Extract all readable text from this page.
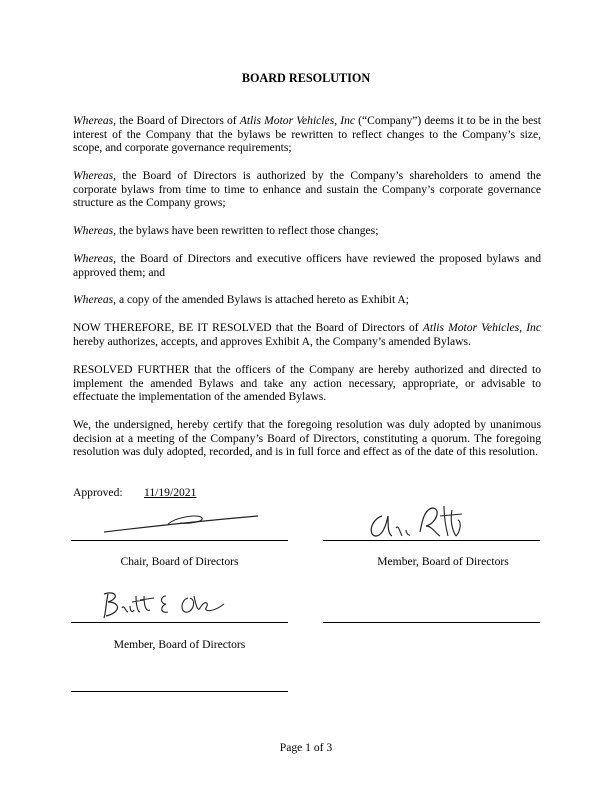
BOARD RESOLUTION

Whereas, the Board of Directors of Atlis Motor Vehicles, Inc (“Company”) deems it to be in the best interest of the Company that the bylaws be rewritten to reflect changes to the Company’s size, scope, and corporate governance requirements;

Whereas, the Board of Directors is authorized by the Company’s shareholders to amend the corporate bylaws from time to time to enhance and sustain the Company’s corporate governance structure as the Company grows;

Whereas, the bylaws have been rewritten to reflect those changes;

Whereas, the Board of Directors and executive officers have reviewed the proposed bylaws and approved them; and

Whereas, a copy of the amended Bylaws is attached hereto as Exhibit A;

NOW THEREFORE, BE IT RESOLVED that the Board of Directors of Atlis Motor Vehicles, Inc hereby authorizes, accepts, and approves Exhibit A, the Company’s amended Bylaws.

RESOLVED FURTHER that the officers of the Company are hereby authorized and directed to implement the amended Bylaws and take any action necessary, appropriate, or advisable to effectuate the implementation of the amended Bylaws.

We, the undersigned, hereby certify that the foregoing resolution was duly adopted by unanimous decision at a meeting of the Company’s Board of Directors, constituting a quorum. The foregoing resolution was duly adopted, recorded, and is in full force and effect as of the date of this resolution.

Approved: 11/19/2021
Chair, Board of Directors	Member, Board of Directors
Member, Board of Directors
Page 1 of 3
